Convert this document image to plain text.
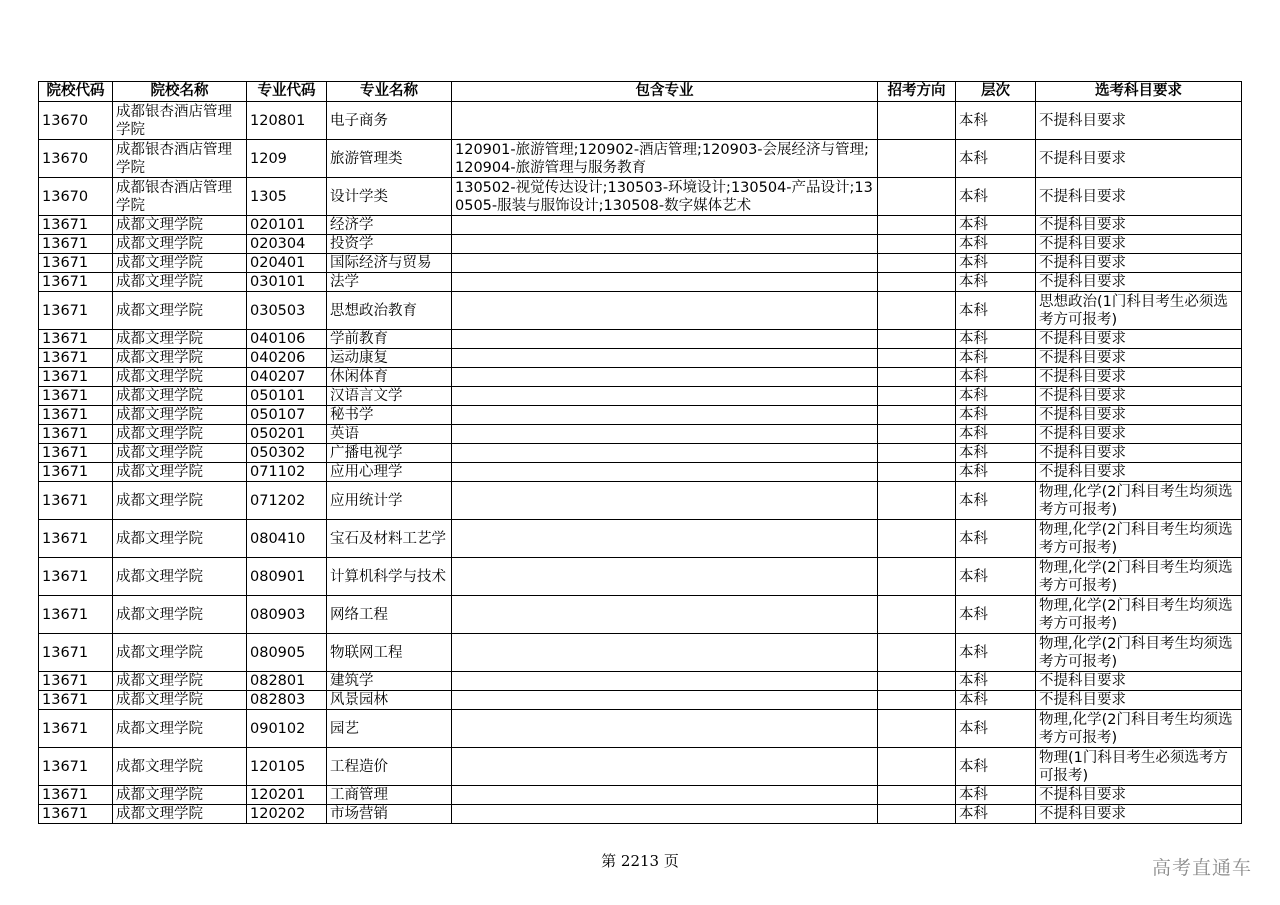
院校代码	院校名称	专业代码	专业名称	包含专业	招考方向	层次	选考科目要求
13670	成都银杏酒店管理学院	120801	电子商务			本科	不提科目要求
13670	成都银杏酒店管理学院	1209	旅游管理类	120901-旅游管理;120902-酒店管理;120903-会展经济与管理;120904-旅游管理与服务教育		本科	不提科目要求
13670	成都银杏酒店管理学院	1305	设计学类	130502-视觉传达设计;130503-环境设计;130504-产品设计;130505-服装与服饰设计;130508-数字媒体艺术		本科	不提科目要求
13671	成都文理学院	020101	经济学			本科	不提科目要求
13671	成都文理学院	020304	投资学			本科	不提科目要求
13671	成都文理学院	020401	国际经济与贸易			本科	不提科目要求
13671	成都文理学院	030101	法学			本科	不提科目要求
13671	成都文理学院	030503	思想政治教育			本科	思想政治(1门科目考生必须选考方可报考)
13671	成都文理学院	040106	学前教育			本科	不提科目要求
13671	成都文理学院	040206	运动康复			本科	不提科目要求
13671	成都文理学院	040207	休闲体育			本科	不提科目要求
13671	成都文理学院	050101	汉语言文学			本科	不提科目要求
13671	成都文理学院	050107	秘书学			本科	不提科目要求
13671	成都文理学院	050201	英语			本科	不提科目要求
13671	成都文理学院	050302	广播电视学			本科	不提科目要求
13671	成都文理学院	071102	应用心理学			本科	不提科目要求
13671	成都文理学院	071202	应用统计学			本科	物理,化学(2门科目考生均须选考方可报考)
13671	成都文理学院	080410	宝石及材料工艺学			本科	物理,化学(2门科目考生均须选考方可报考)
13671	成都文理学院	080901	计算机科学与技术			本科	物理,化学(2门科目考生均须选考方可报考)
13671	成都文理学院	080903	网络工程			本科	物理,化学(2门科目考生均须选考方可报考)
13671	成都文理学院	080905	物联网工程			本科	物理,化学(2门科目考生均须选考方可报考)
13671	成都文理学院	082801	建筑学			本科	不提科目要求
13671	成都文理学院	082803	风景园林			本科	不提科目要求
13671	成都文理学院	090102	园艺			本科	物理,化学(2门科目考生均须选考方可报考)
13671	成都文理学院	120105	工程造价			本科	物理(1门科目考生必须选考方可报考)
13671	成都文理学院	120201	工商管理			本科	不提科目要求
13671	成都文理学院	120202	市场营销			本科	不提科目要求
第 2213 页	高考直通车
